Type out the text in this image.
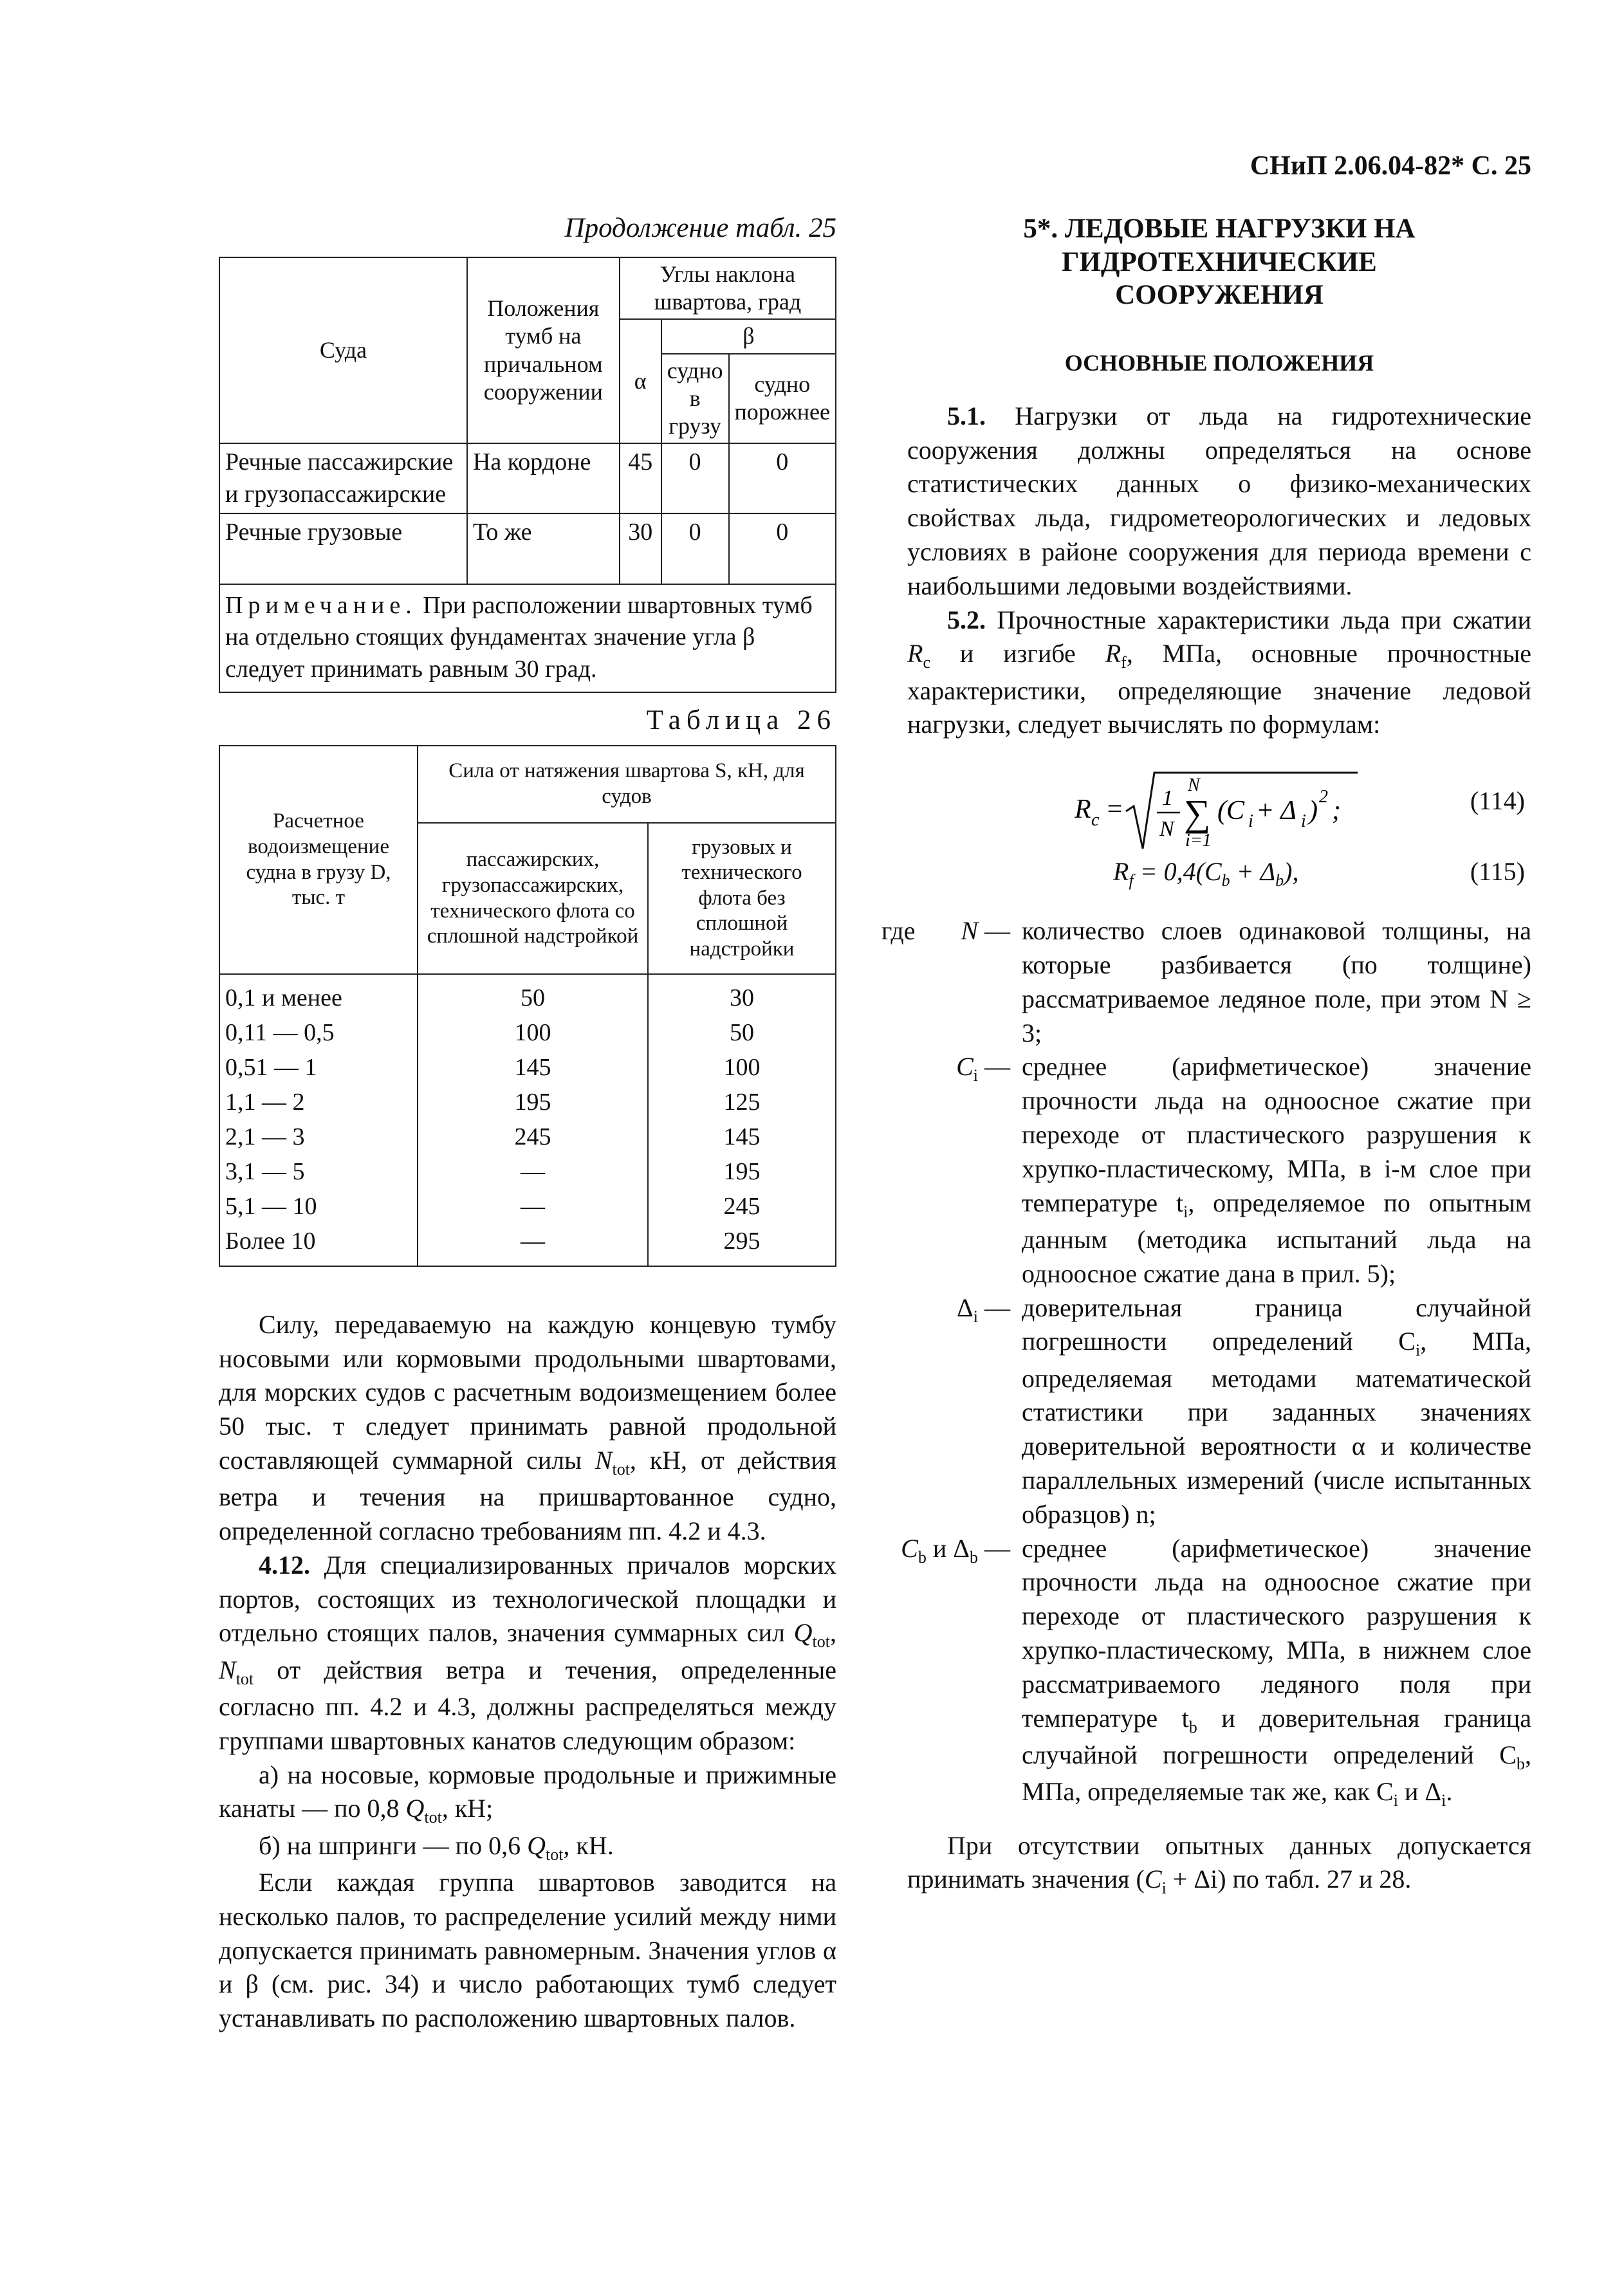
СНиП 2.06.04-82* С. 25
Продолжение табл. 25
Суда	Положения тумб на причальном сооружении	Углы наклона швартова, град		
		α	β	
			судно в грузу	судно порожнее
Речные пассажирские и грузопассажирские	На кордоне	45	0	0
Речные грузовые	То же	30	0	0
Примечание. При расположении швартовных тумб на отдельно стоящих фундаментах значение угла β следует принимать равным 30 град.				
Таблица 26
Расчетное водоизмещение судна в грузу D, тыс. т	Сила от натяжения швартова S, кН, для судов	
	пассажирских, грузопассажирских, технического флота со сплошной надстройкой	грузовых и технического флота без сплошной надстройки
0,1 и менее	50	30
0,11 — 0,5	100	50
0,51 — 1	145	100
1,1 — 2	195	125
2,1 — 3	245	145
3,1 — 5	—	195
5,1 — 10	—	245
Более 10	—	295

Силу, передаваемую на каждую концевую тумбу носовыми или кормовыми продольными швартовами, для морских судов с расчетным водоизмещением более 50 тыс. т следует принимать равной продольной составляющей суммарной силы $N_{tot}$, кН, от действия ветра и течения на пришвартованное судно, определенной согласно требованиям пп. 4.2 и 4.3.

4.12. Для специализированных причалов морских портов, состоящих из технологической площадки и отдельно стоящих палов, значения суммарных сил $Q_{tot}$, $N_{tot}$ от действия ветра и течения, определенные согласно пп. 4.2 и 4.3, должны распределяться между группами швартовных канатов следующим образом:

а) на носовые, кормовые продольные и прижимные канаты — по 0,8 $Q_{tot}$, кН;

б) на шпринги — по 0,6 $Q_{tot}$, кН.

Если каждая группа швартовов заводится на несколько палов, то распределение усилий между ними допускается принимать равномерным. Значения углов α и β (см. рис. 34) и число работающих тумб следует устанавливать по расположению швартовных палов.

5*. ЛЕДОВЫЕ НАГРУЗКИ НА ГИДРОТЕХНИЧЕСКИЕ СООРУЖЕНИЯ
ОСНОВНЫЕ ПОЛОЖЕНИЯ

5.1. Нагрузки от льда на гидротехнические сооружения должны определяться на основе статистических данных о физико-механических свойствах льда, гидрометеорологических и ледовых условиях в районе сооружения для периода времени с наибольшими ледовыми воздействиями.

5.2. Прочностные характеристики льда при сжатии $R_c$ и изгибе $R_f$, МПа, основные прочностные характеристики, определяющие значение ледовой нагрузки, следует вычислять по формулам:

R c = 1
N
N
∑
i=1
(C i + Δ i ) 2 ;	(114)
$R_f = 0,4(C_b + \Delta_b)$,	(115)
где N — количество слоев одинаковой толщины, на которые разбивается (по толщине) рассматриваемое ледяное поле, при этом N ≥ 3;
$C_i$ — среднее (арифметическое) значение прочности льда на одноосное сжатие при переходе от пластического разрушения к хрупко-пластическому, МПа, в i-м слое при температуре $t_i$, определяемое по опытным данным (методика испытаний льда на одноосное сжатие дана в прил. 5);
$\Delta_i$ — доверительная граница случайной погрешности определений $C_i$, МПа, определяемая методами математической статистики при заданных значениях доверительной вероятности α и количестве параллельных измерений (числе испытанных образцов) n;
$C_b$ и $\Delta_b$ — среднее (арифметическое) значение прочности льда на одноосное сжатие при переходе от пластического разрушения к хрупко-пластическому, МПа, в нижнем слое рассматриваемого ледяного поля при температуре $t_b$ и доверительная граница случайной погрешности определений $C_b$, МПа, определяемые так же, как $C_i$ и $\Delta_i$.

При отсутствии опытных данных допускается принимать значения $(C_i + \Delta i)$ по табл. 27 и 28.
